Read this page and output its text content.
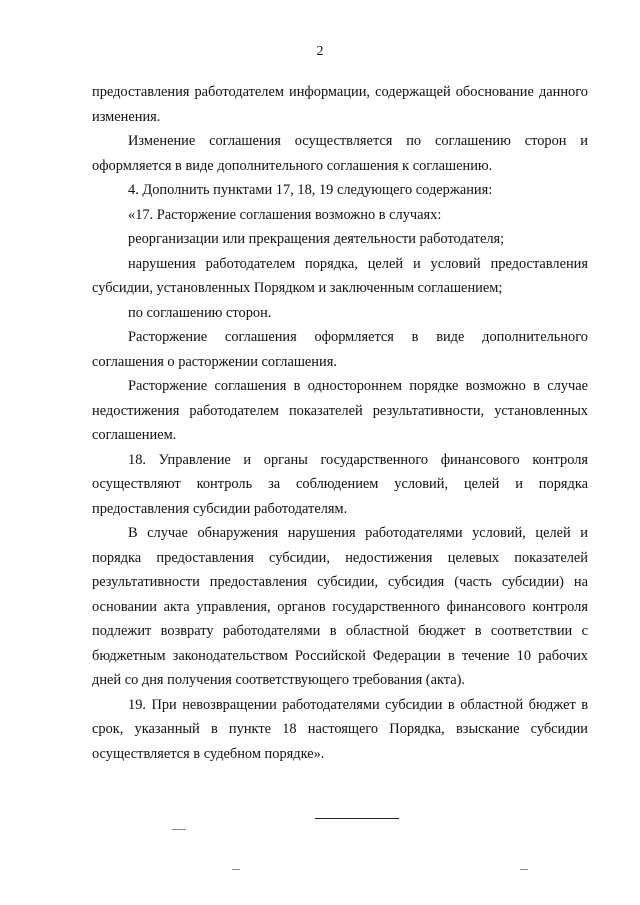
2

предоставления работодателем информации, содержащей обоснование данного изменения.

Изменение соглашения осуществляется по соглашению сторон и оформляется в виде дополнительного соглашения к соглашению.

4. Дополнить пунктами 17, 18, 19 следующего содержания:

«17. Расторжение соглашения возможно в случаях:

реорганизации или прекращения деятельности работодателя;

нарушения работодателем порядка, целей и условий предоставления субсидии, установленных Порядком и заключенным соглашением;

по соглашению сторон.

Расторжение соглашения оформляется в виде дополнительного соглашения о расторжении соглашения.

Расторжение соглашения в одностороннем порядке возможно в случае недостижения работодателем показателей результативности, установленных соглашением.

18. Управление и органы государственного финансового контроля осуществляют контроль за соблюдением условий, целей и порядка предоставления субсидии работодателям.

В случае обнаружения нарушения работодателями условий, целей и порядка предоставления субсидии, недостижения целевых показателей результативности предоставления субсидии, субсидия (часть субсидии) на основании акта управления, органов государственного финансового контроля подлежит возврату работодателями в областной бюджет в соответствии с бюджетным законодательством Российской Федерации в течение 10 рабочих дней со дня получения соответствующего требования (акта).

19. При невозвращении работодателями субсидии в областной бюджет в срок, указанный в пункте 18 настоящего Порядка, взыскание субсидии осуществляется в судебном порядке».
